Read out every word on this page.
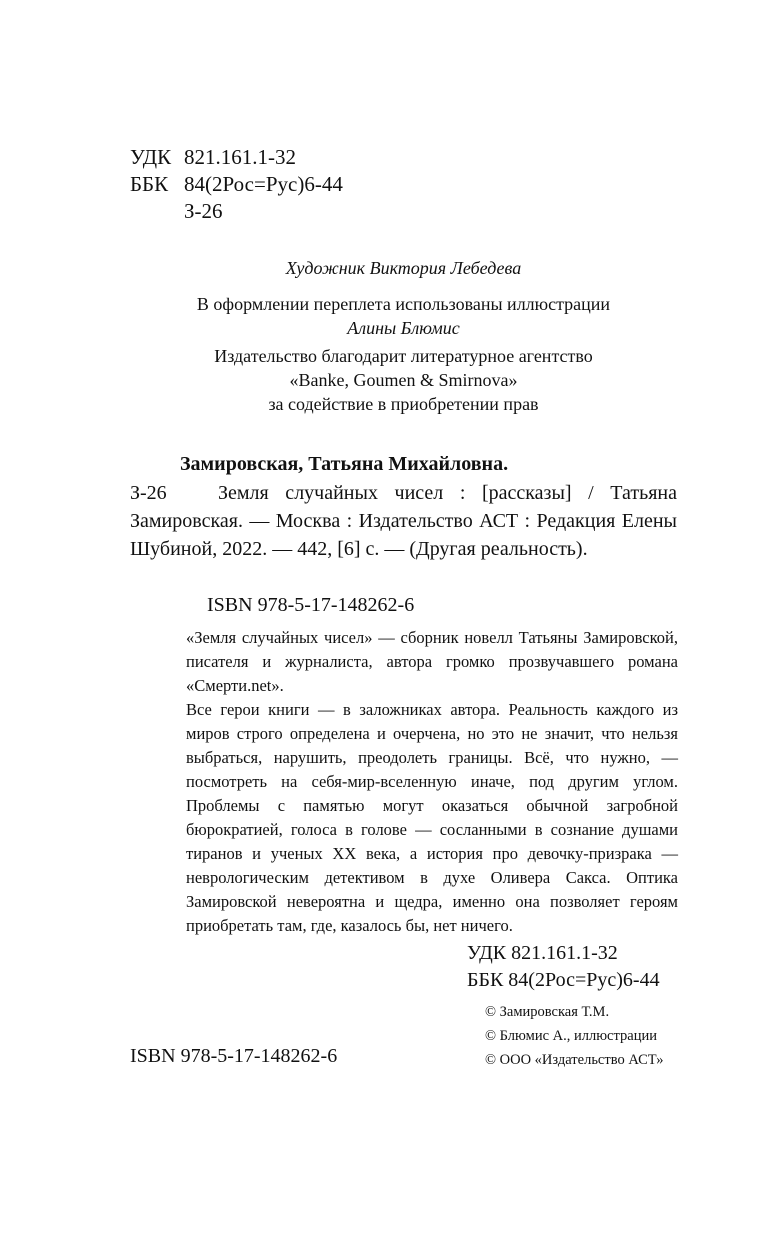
УДК 821.161.1-32
ББК 84(2Рос=Рус)6-44
З-26
Художник Виктория Лебедева
В оформлении переплета использованы иллюстрации
Алины Блюмис
Издательство благодарит литературное агентство
«Banke, Goumen & Smirnova»
за содействие в приобретении прав
Замировская, Татьяна Михайловна.
З-26	Земля случайных чисел : [рассказы] / Татьяна Замировская. — Москва : Издательство АСТ : Редакция Елены Шубиной, 2022. — 442, [6] с. — (Другая реальность).
ISBN 978-5-17-148262-6

«Земля случайных чисел» — сборник новелл Татьяны Замировской, писателя и журналиста, автора громко прозвучавшего романа «Смерти.net».

Все герои книги — в заложниках автора. Реальность каждого из миров строго определена и очерчена, но это не значит, что нельзя выбраться, нарушить, преодолеть границы. Всё, что нужно, — посмотреть на себя-мир-вселенную иначе, под другим углом. Проблемы с памятью могут оказаться обычной загробной бюрократией, голоса в голове — сосланными в сознание душами тиранов и ученых XX века, а история про девочку-призрака — неврологическим детективом в духе Оливера Сакса. Оптика Замировской невероятна и щедра, именно она позволяет героям приобретать там, где, казалось бы, нет ничего.

УДК 821.161.1-32
ББК 84(2Рос=Рус)6-44
© Замировская Т.М.
© Блюмис А., иллюстрации
© ООО «Издательство АСТ»
ISBN 978-5-17-148262-6
